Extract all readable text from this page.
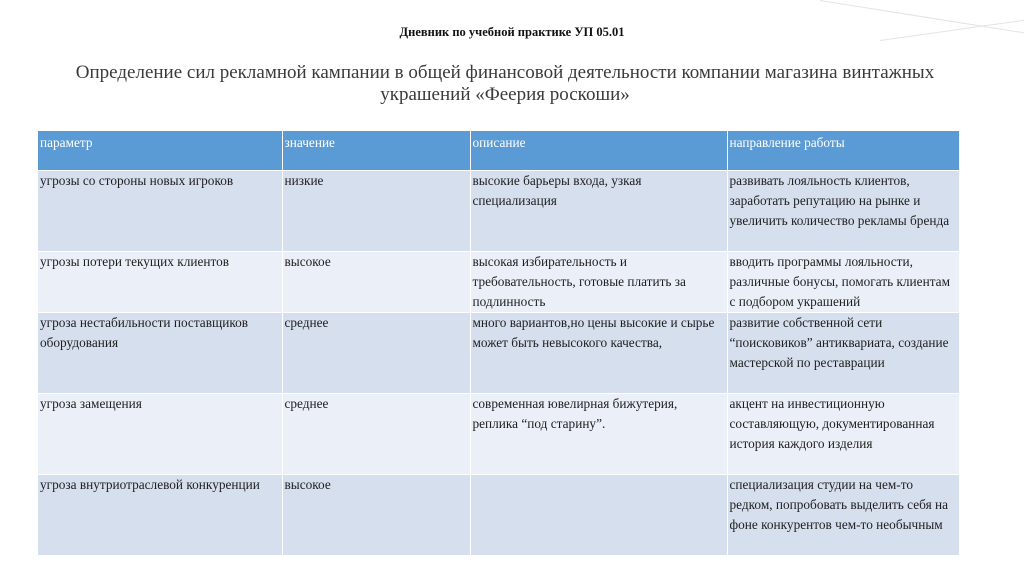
Дневник по учебной практике УП 05.01
Определение сил рекламной кампании в общей финансовой деятельности компании магазина винтажных украшений «Феерия роскоши»
параметр	значение	описание	направление работы
угрозы со стороны новых игроков	низкие	высокие барьеры входа, узкая специализация	развивать лояльность клиентов, заработать репутацию на рынке и увеличить количество рекламы бренда
угрозы потери текущих клиентов	высокое	высокая избирательность и требовательность, готовые платить за подлинность	вводить программы лояльности, различные бонусы, помогать клиентам с подбором украшений
угроза нестабильности поставщиков оборудования	среднее	много вариантов,но цены высокие и сырье может быть невысокого качества,	развитие собственной сети “поисковиков” антиквариата, создание мастерской по реставрации
угроза замещения	среднее	современная ювелирная бижутерия, реплика “под старину”.	акцент на инвестиционную составляющую, документированная история каждого изделия
угроза внутриотраслевой конкуренции	высокое		специализация студии на чем-то редком, попробовать выделить себя на фоне конкурентов чем-то необычным
